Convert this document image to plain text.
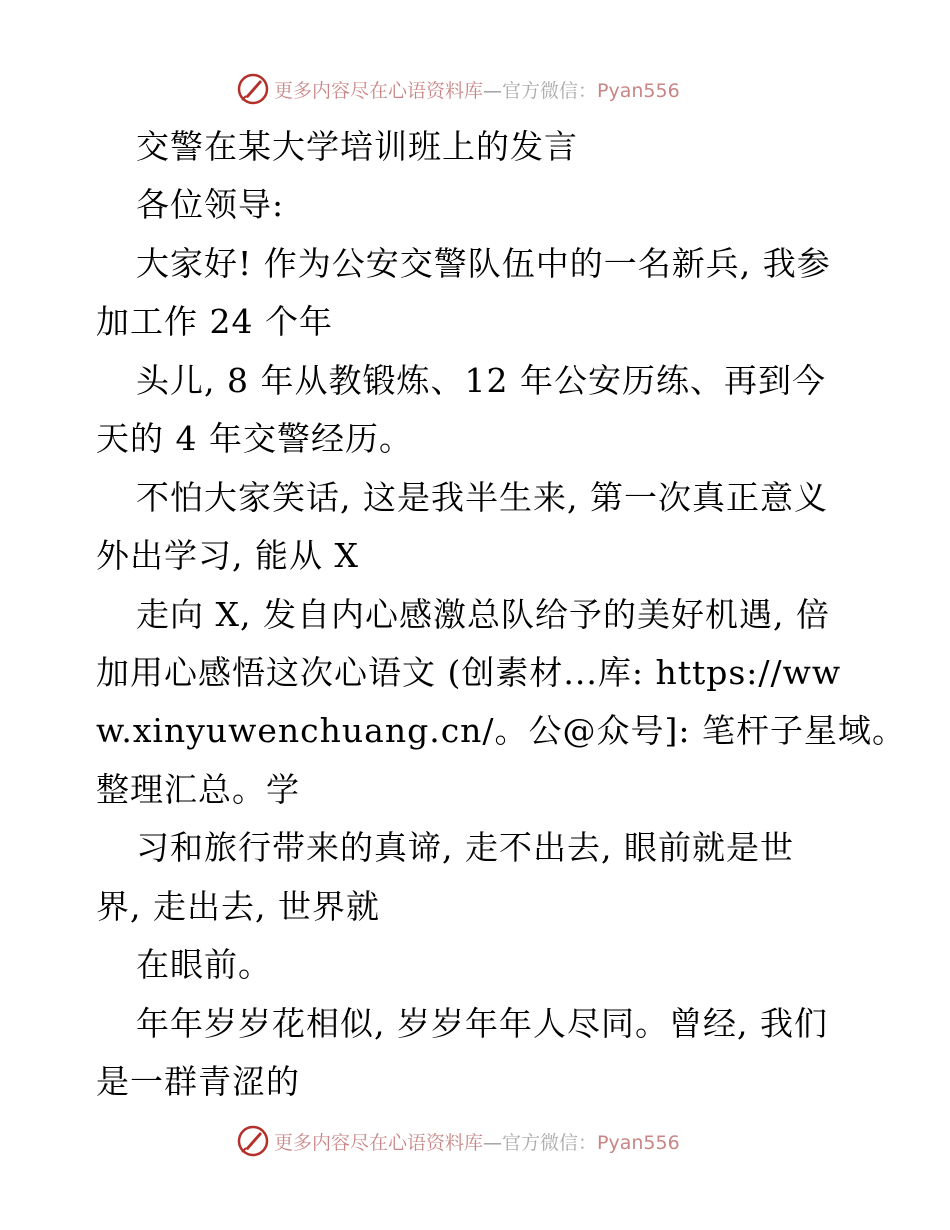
更多内容尽在心语资料库—官方微信：Pyan556
交警在某大学培训班上的发言
各位领导:
大家好! 作为公安交警队伍中的一名新兵, 我参
加工作 24 个年
头儿, 8 年从教锻炼、12 年公安历练、再到今
天的 4 年交警经历。
不怕大家笑话, 这是我半生来, 第一次真正意义
外出学习, 能从 X
走向 X, 发自内心感激总队给予的美好机遇, 倍
加用心感悟这次心语文 (创素材...库: https://ww
w.xinyuwenchuang.cn/。公@众号]: 笔杆子星域。
整理汇总。学
习和旅行带来的真谛, 走不出去, 眼前就是世
界, 走出去, 世界就
在眼前。
年年岁岁花相似, 岁岁年年人尽同。曾经, 我们
是一群青涩的
更多内容尽在心语资料库—官方微信：Pyan556
